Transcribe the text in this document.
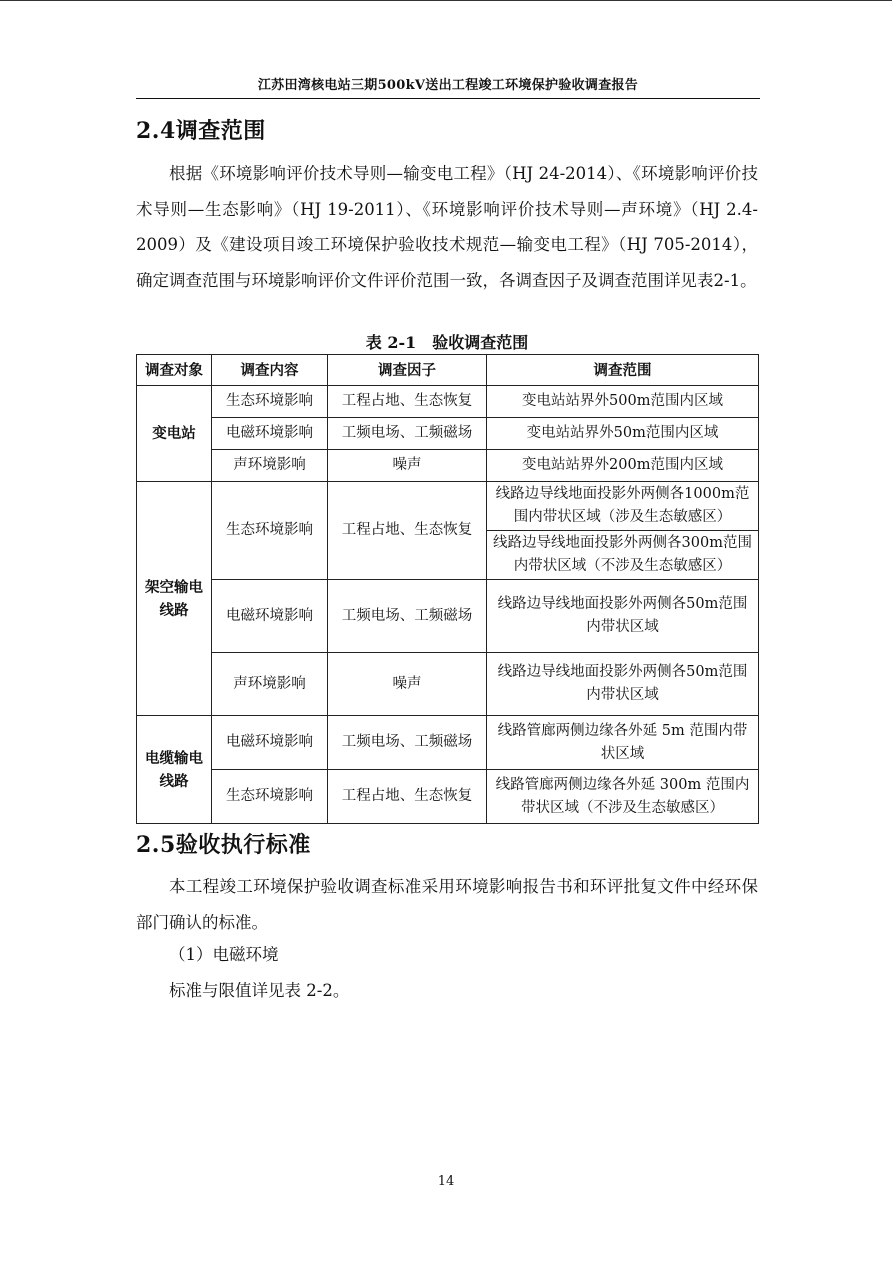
江苏田湾核电站三期500kV送出工程竣工环境保护验收调查报告
2.4调查范围
根据《环境影响评价技术导则—输变电工程》（HJ 24-2014）、《环境影响评价技术导则—生态影响》（HJ 19-2011）、《环境影响评价技术导则—声环境》（HJ 2.4-2009）及《建设项目竣工环境保护验收技术规范—输变电工程》（HJ 705-2014），确定调查范围与环境影响评价文件评价范围一致，各调查因子及调查范围详见表2-1。
表 2-1　验收调查范围
调查对象	调查内容	调查因子	调查范围
变电站	生态环境影响	工程占地、生态恢复	变电站站界外500m范围内区域
	电磁环境影响	工频电场、工频磁场	变电站站界外50m范围内区域
	声环境影响	噪声	变电站站界外200m范围内区域
架空输电线路	生态环境影响	工程占地、生态恢复	线路边导线地面投影外两侧各1000m范围内带状区域（涉及生态敏感区）
			线路边导线地面投影外两侧各300m范围内带状区域（不涉及生态敏感区）
	电磁环境影响	工频电场、工频磁场	线路边导线地面投影外两侧各50m范围内带状区域
	声环境影响	噪声	线路边导线地面投影外两侧各50m范围内带状区域
电缆输电线路	电磁环境影响	工频电场、工频磁场	线路管廊两侧边缘各外延 5m 范围内带状区域
	生态环境影响	工程占地、生态恢复	线路管廊两侧边缘各外延 300m 范围内带状区域（不涉及生态敏感区）
2.5验收执行标准
本工程竣工环境保护验收调查标准采用环境影响报告书和环评批复文件中经环保部门确认的标准。
（1）电磁环境
标准与限值详见表 2-2。
14
